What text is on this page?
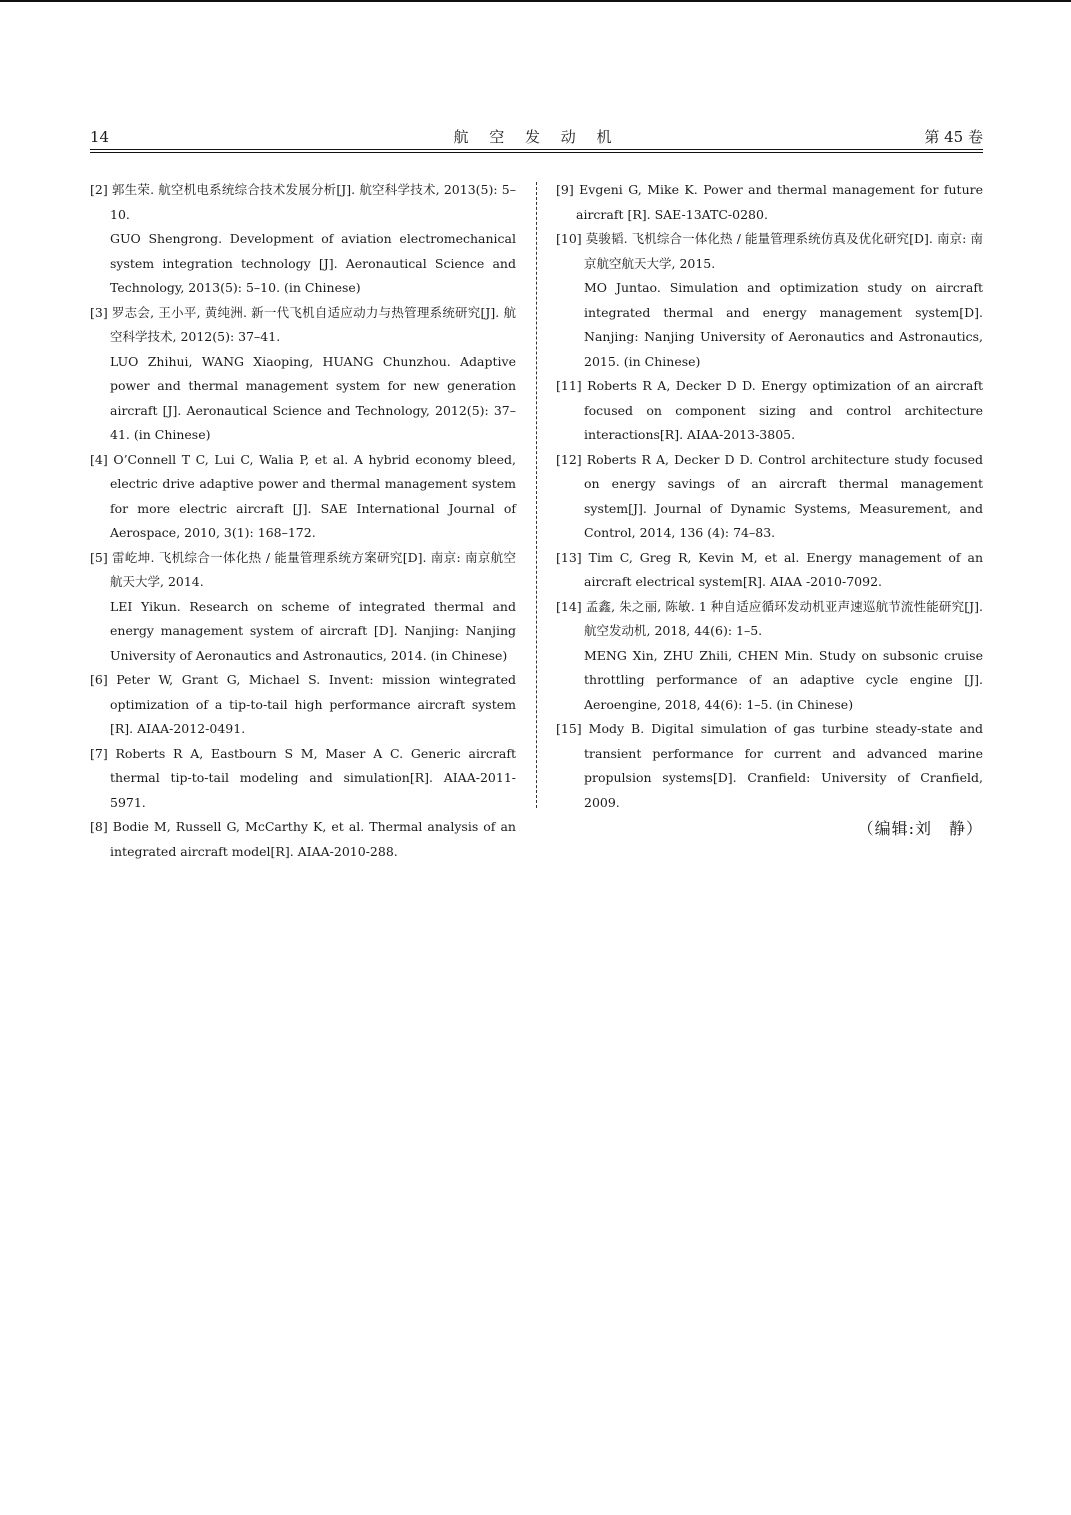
14	航 空 发 动 机	第 45 卷

[2] 郭生荣. 航空机电系统综合技术发展分析[J]. 航空科学技术, 2013(5): 5–10.

GUO Shengrong. Development of aviation electromechanical system integration technology [J]. Aeronautical Science and Technology, 2013(5): 5–10. (in Chinese)

[3] 罗志会, 王小平, 黄纯洲. 新一代飞机自适应动力与热管理系统研究[J]. 航空科学技术, 2012(5): 37–41.

LUO Zhihui, WANG Xiaoping, HUANG Chunzhou. Adaptive power and thermal management system for new generation aircraft [J]. Aeronautical Science and Technology, 2012(5): 37–41. (in Chinese)

[4] O’Connell T C, Lui C, Walia P, et al. A hybrid economy bleed, electric drive adaptive power and thermal management system for more electric aircraft [J]. SAE International Journal of Aerospace, 2010, 3(1): 168–172.

[5] 雷屹坤. 飞机综合一体化热 / 能量管理系统方案研究[D]. 南京: 南京航空航天大学, 2014.

LEI Yikun. Research on scheme of integrated thermal and energy management system of aircraft [D]. Nanjing: Nanjing University of Aeronautics and Astronautics, 2014. (in Chinese)

[6] Peter W, Grant G, Michael S. Invent: mission wintegrated optimization of a tip-to-tail high performance aircraft system [R]. AIAA-2012-0491.

[7] Roberts R A, Eastbourn S M, Maser A C. Generic aircraft thermal tip-to-tail modeling and simulation[R]. AIAA-2011-5971.

[8] Bodie M, Russell G, McCarthy K, et al. Thermal analysis of an integrated aircraft model[R]. AIAA-2010-288.

[9] Evgeni G, Mike K. Power and thermal management for future aircraft [R]. SAE-13ATC-0280.

[10] 莫骏韬. 飞机综合一体化热 / 能量管理系统仿真及优化研究[D]. 南京: 南京航空航天大学, 2015.

MO Juntao. Simulation and optimization study on aircraft integrated thermal and energy management system[D]. Nanjing: Nanjing University of Aeronautics and Astronautics, 2015. (in Chinese)

[11] Roberts R A, Decker D D. Energy optimization of an aircraft focused on component sizing and control architecture interactions[R]. AIAA-2013-3805.

[12] Roberts R A, Decker D D. Control architecture study focused on energy savings of an aircraft thermal management system[J]. Journal of Dynamic Systems, Measurement, and Control, 2014, 136 (4): 74–83.

[13] Tim C, Greg R, Kevin M, et al. Energy management of an aircraft electrical system[R]. AIAA -2010-7092.

[14] 孟鑫, 朱之丽, 陈敏. 1 种自适应循环发动机亚声速巡航节流性能研究[J]. 航空发动机, 2018, 44(6): 1–5.

MENG Xin, ZHU Zhili, CHEN Min. Study on subsonic cruise throttling performance of an adaptive cycle engine [J]. Aeroengine, 2018, 44(6): 1–5. (in Chinese)

[15] Mody B. Digital simulation of gas turbine steady-state and transient performance for current and advanced marine propulsion systems[D]. Cranfield: University of Cranfield, 2009.

（编辑:刘　静）
